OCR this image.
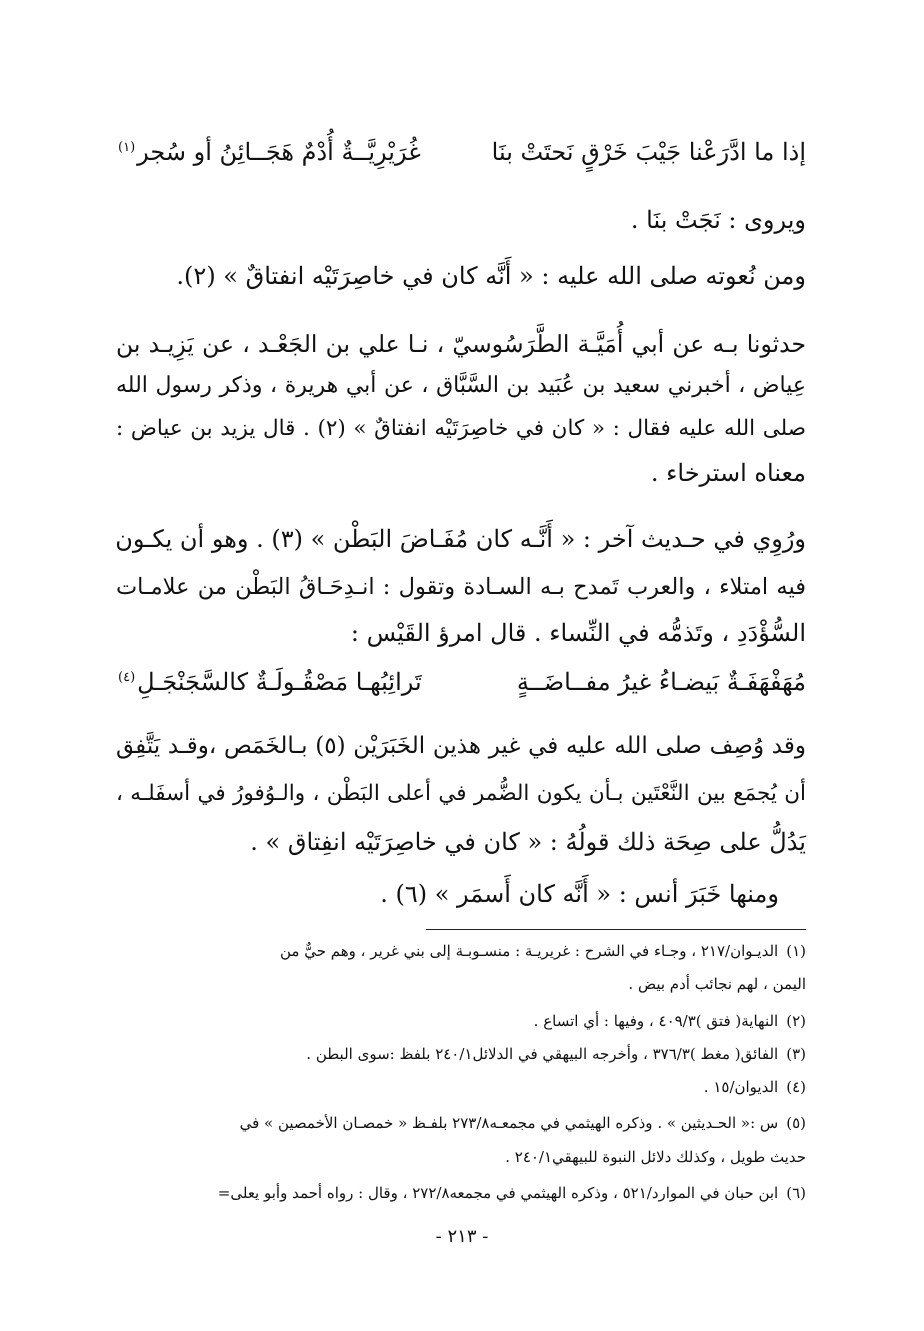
إذا ما ادَّرَعْنا جَيْبَ خَرْقٍ نَحتَتْ بنَا
غُرَيْرِيَّــةٌ أُدْمٌ هَجَــائِنُ أو سُجر$^{(١)}$
ويروى : نَجَتْ بنَا .
ومن نُعوته صلى الله عليه : « أَنَّه كان في خاصِرَتَيْه انفتاقٌ » (٢).
حدثونا بـه عن أبي أُمَيَّـة الطَّرَسُوسيّ ، نـا علي بن الجَعْـد ، عن يَزِيـد بن
عِياض ، أخبرني سعيد بن عُبَيد بن السَّبَّاق ، عن أبي هريرة ، وذكر رسول الله
صلى الله عليه فقال : « كان في خاصِرَتَيْه انفتاقٌ » (٢) . قال يزيد بن عياض :
معناه استرخاء .
ورُوِي في حـديث آخر : « أَنَّـه كان مُفَـاضَ البَطْن » (٣) . وهو أن يكـون
فيه امتلاء ، والعرب تَمدح بـه السـادة وتقول : انـدِحَـاقُ البَطْن من علامـات
السُّؤْدَدِ ، وتَذمُّه في النِّساء . قال امرؤ القَيْس :
مُهَفْهَفَـةٌ بَيضـاءُ غيرُ مفــاضَــةٍ
تَرائِبُهـا مَصْقُـولَـةٌ كالسَّجَنْجَـلِ$^{(٤)}$
وقد وُصِف صلى الله عليه في غير هذين الخَبَرَيْن (٥) بـالخَمَص ،وقـد يَتَّفِق
أن يُجمَع بين النَّعْتَين بـأن يكون الضُّمر في أعلى البَطْن ، والـوُفورُ في أسفَلـه ،
يَدُلُّ على صِحَة ذلك قولُهُ : « كان في خاصِرَتَيْه انفِتاق » .
ومنها خَبَرَ أنس : « أَنَّه كان أَسمَر » (٦) .
(١)الديـوان/٢١٧ ، وجـاء في الشرح : غريريـة : منسـوبـة إلى بني غرير ، وهم حيٌّ من
اليمن ، لهم نجائب أدم بيض .
(٢)النهاية( فتق )٤٠٩/٣ ، وفيها : أي اتساع .
(٣)الفائق( مغط )٣٧٦/٣ ، وأخرجه البيهقي في الدلائل٢٤٠/١ بلفظ :سوى البطن .
(٤)الديوان/١٥ .
(٥)س :« الحـديثين » . وذكره الهيثمي في مجمعـه٢٧٣/٨ بلفـظ « خمصـان الأخمصين » في
حديث طويل ، وكذلك دلائل النبوة للبيهقي٢٤٠/١ .
(٦)ابن حبان في الموارد/٥٢١ ، وذكره الهيثمي في مجمعه٢٧٢/٨ ، وقال : رواه أحمد وأبو يعلى=
- ٢١٣ -
